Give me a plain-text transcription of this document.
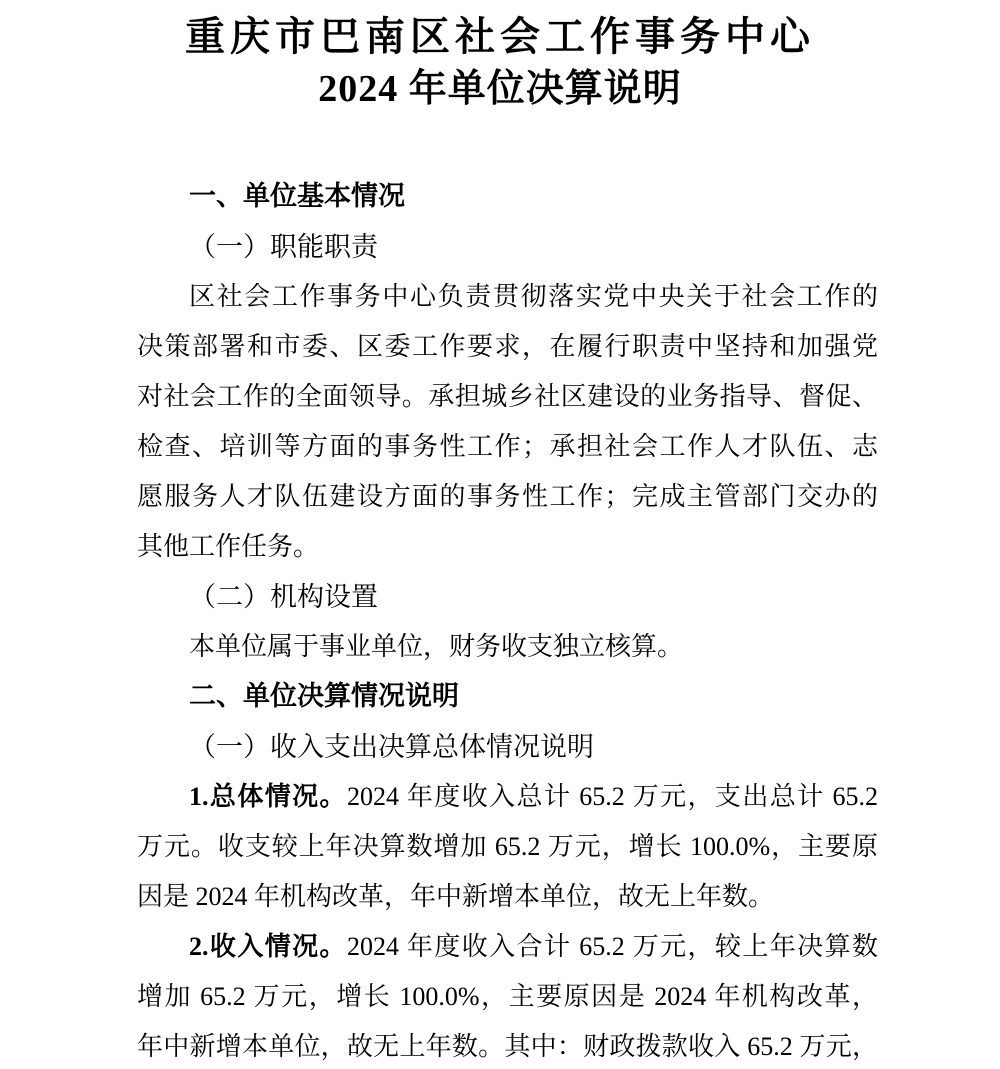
重庆市巴南区社会工作事务中心
2024 年单位决算说明
一、单位基本情况
（一）职能职责
区社会工作事务中心负责贯彻落实党中央关于社会工作的
决策部署和市委、区委工作要求，在履行职责中坚持和加强党
对社会工作的全面领导。承担城乡社区建设的业务指导、督促、
检查、培训等方面的事务性工作；承担社会工作人才队伍、志
愿服务人才队伍建设方面的事务性工作；完成主管部门交办的
其他工作任务。
（二）机构设置
本单位属于事业单位，财务收支独立核算。
二、单位决算情况说明
（一）收入支出决算总体情况说明
1.总体情况。2024 年度收入总计 65.2 万元，支出总计 65.2
万元。收支较上年决算数增加 65.2 万元，增长 100.0%，主要原
因是 2024 年机构改革，年中新增本单位，故无上年数。
2.收入情况。2024 年度收入合计 65.2 万元，较上年决算数
增加 65.2 万元，增长 100.0%，主要原因是 2024 年机构改革，
年中新增本单位，故无上年数。其中：财政拨款收入 65.2 万元，
